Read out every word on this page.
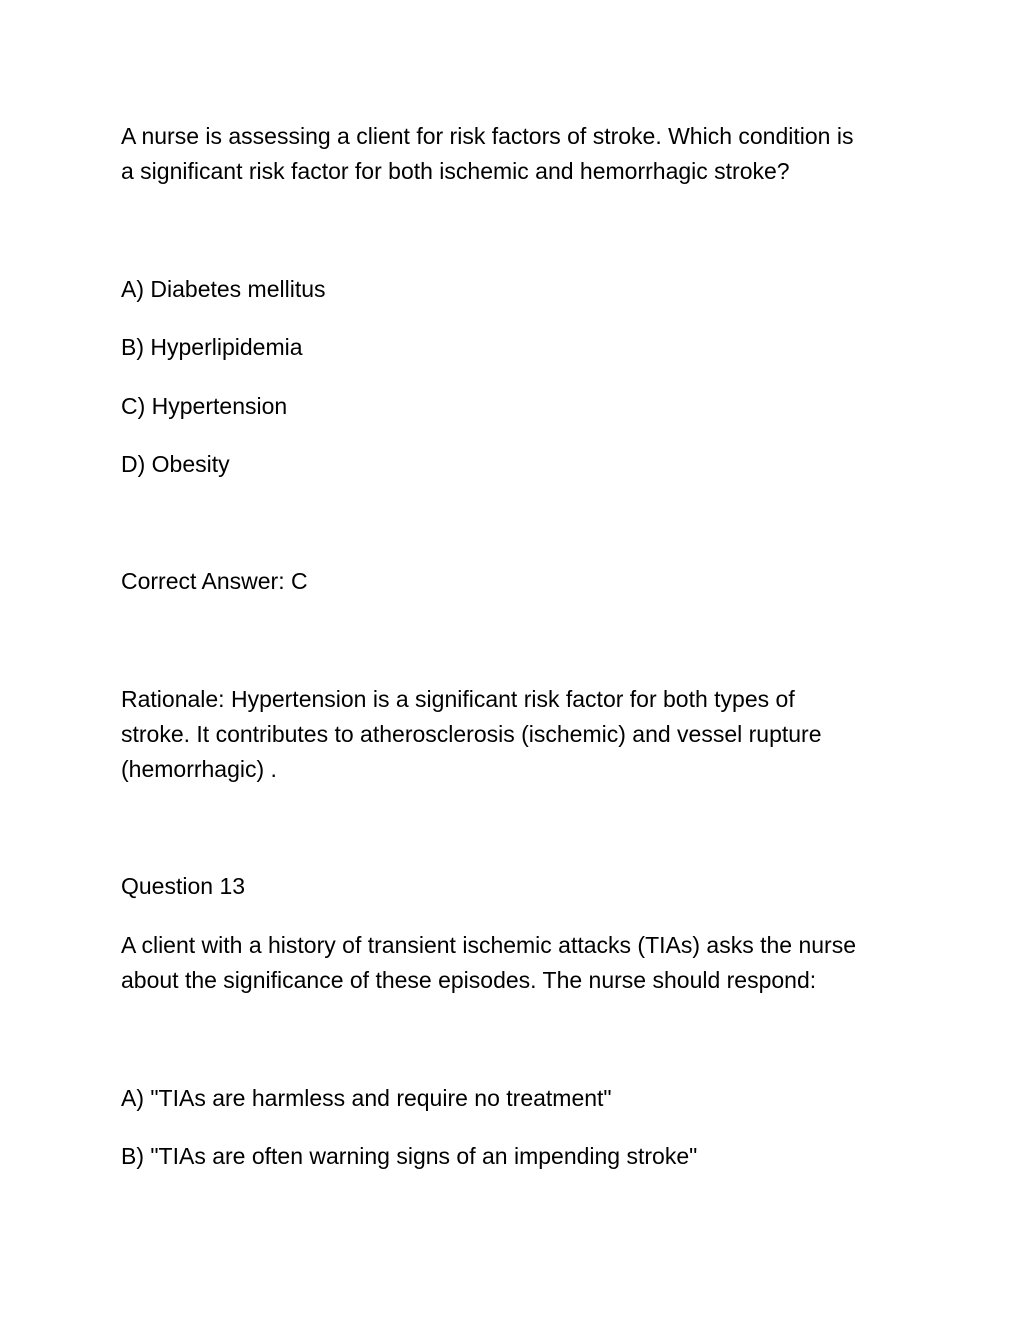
A nurse is assessing a client for risk factors of stroke. Which condition is

a significant risk factor for both ischemic and hemorrhagic stroke?

A) Diabetes mellitus

B) Hyperlipidemia

C) Hypertension

D) Obesity

Correct Answer: C

Rationale: Hypertension is a significant risk factor for both types of

stroke. It contributes to atherosclerosis (ischemic) and vessel rupture

(hemorrhagic) .

Question 13

A client with a history of transient ischemic attacks (TIAs) asks the nurse

about the significance of these episodes. The nurse should respond:

A) "TIAs are harmless and require no treatment"

B) "TIAs are often warning signs of an impending stroke"
